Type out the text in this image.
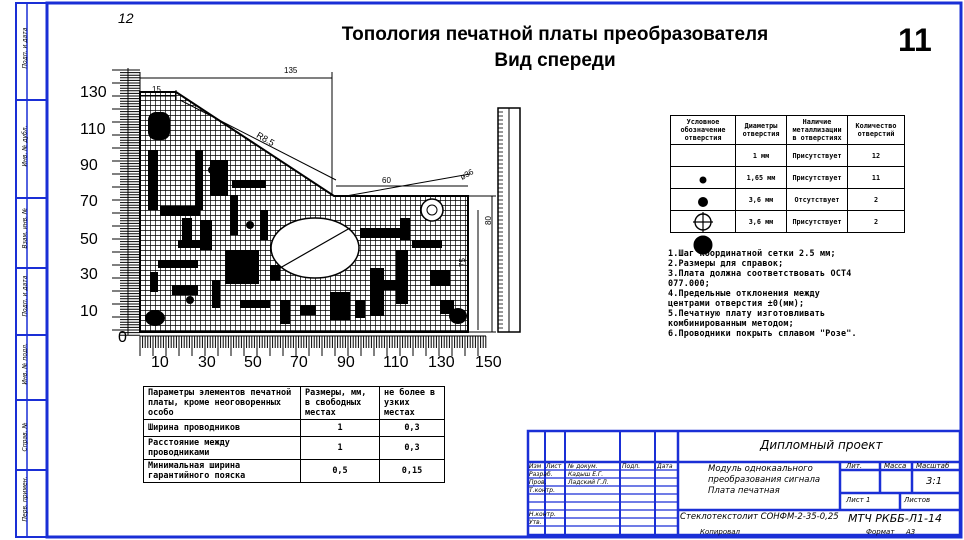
Топология печатной платы преобразователя
Вид спереди
11
12
130
110
90
70
50
30
10
0
10 30 50 70 90 110 130 150
135
15
R8.5
60	ø36
80
75
Условное обозначение отверстия	Диаметры отверстия	Наличие металлизации в отверстиях	Количество отверстий
	1 мм	Присутствует	12
	1,65 мм	Присутствует	11
	3,6 мм	Отсутствует	2
	3,6 мм	Присутствует	2
1.Шаг координатной сетки 2.5 мм;
2.Размеры для справок;
3.Плата должна соответствовать ОСТ4
077.000;
4.Предельные отклонения между
центрами отверстия ±0(мм);
5.Печатную плату изготовливать
комбинированным методом;
6.Проводники покрыть сплавом "Розе".
Параметры элементов печатной платы, кроме неоговоренных особо	Размеры, мм, в свободных местах	не более в узких местах
Ширина проводников	1	0,3
Расстояние между проводниками	1	0,3
Минимальная ширина гарантийного пояска	0,5	0,15
Дипломный проект
Модуль однокаального преобразования сигнала
Плата печатная
Стеклотекстолит СОНФМ-2-35-0,25 МТЧ РКББ-Л1-14
3:1
Лит.	Масса Масштаб
Лист 1	Листов
Копировал	Формат А3
Изм Лист № докум.	Подп.	Дата
Разраб.
Пров.
Т.контр.
Н.контр.
Утв.
Кадыш Е.Г.
Ладский Г.Л.
Подп. и дата
Инв. № дубл.
Взам. инв. №
Подп. и дата
Инв. № подл.
Справ. №
Перв. примен.
